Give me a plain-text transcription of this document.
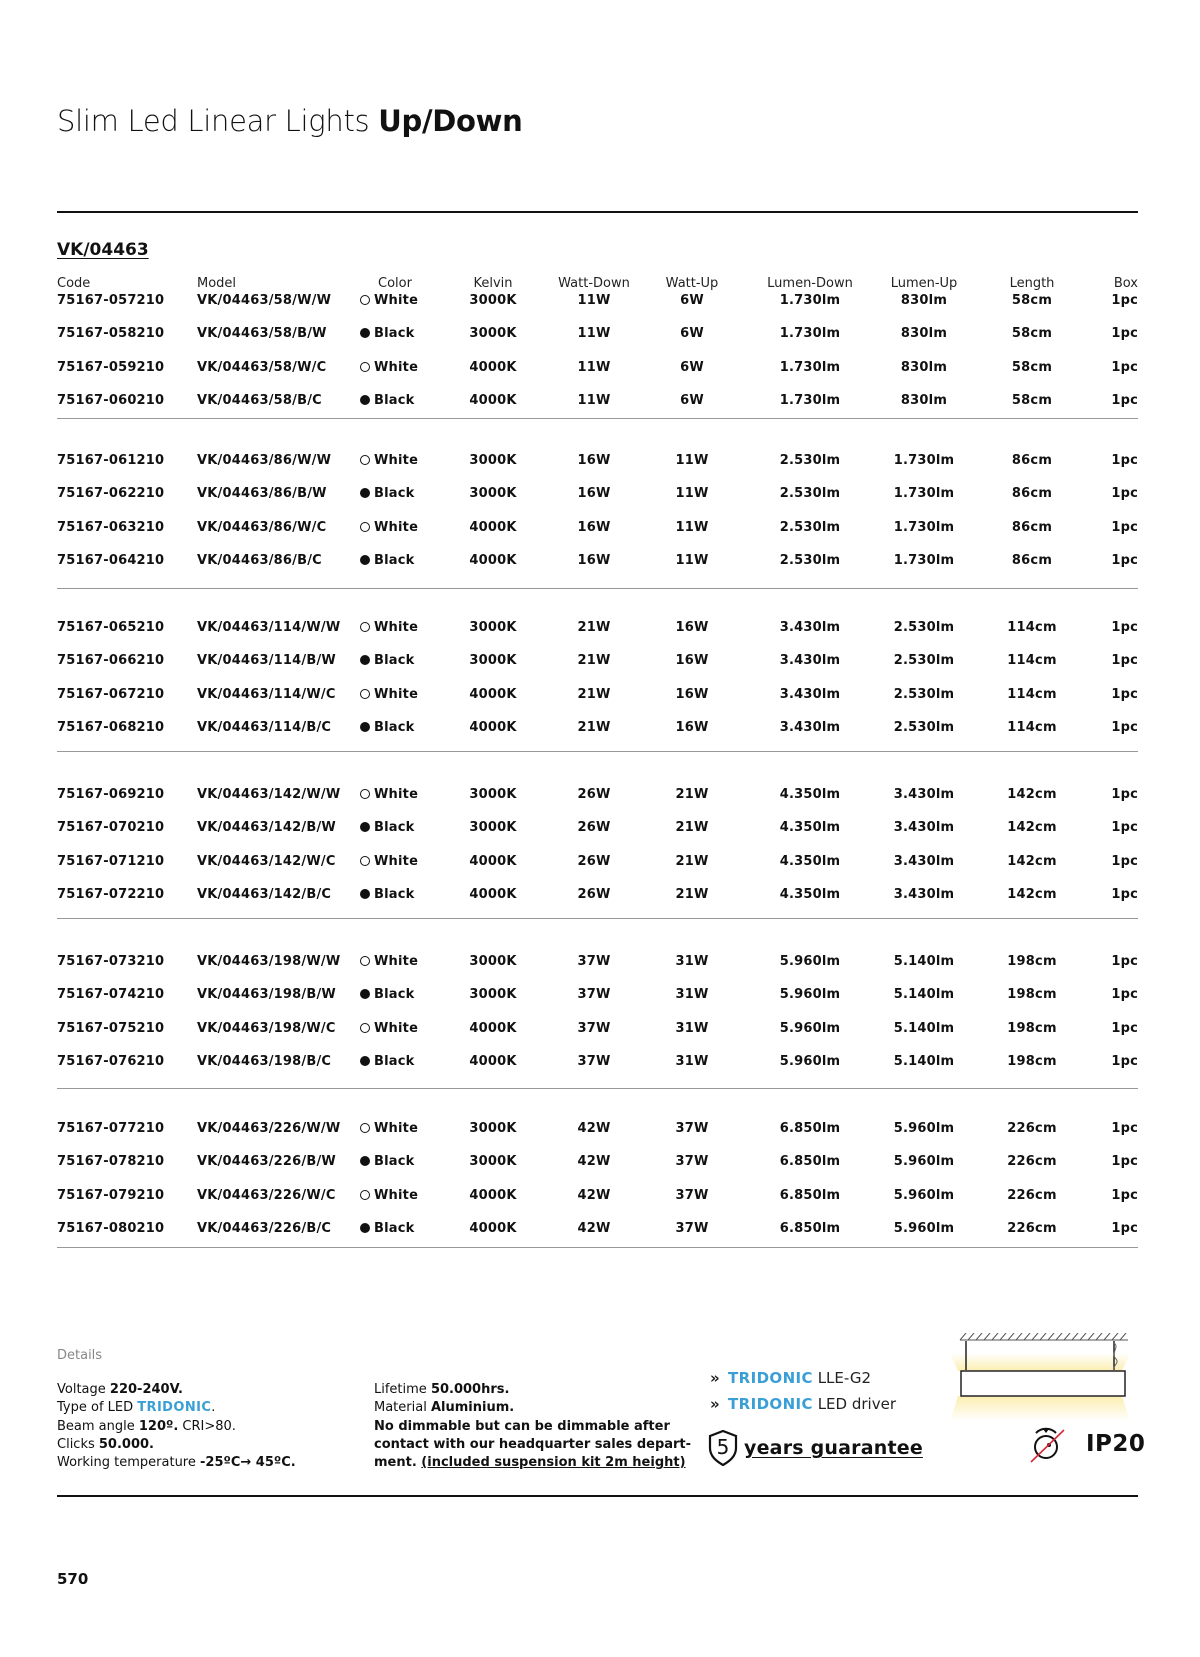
Slim Led Linear Lights Up/Down
VK/04463
Code	Model	Color	Kelvin	Watt-Down	Watt-Up	Lumen-Down	Lumen-Up	Length	Box
75167-057210	VK/04463/58/W/W	White	3000K	11W	6W	1.730lm	830lm	58cm	1pc
75167-058210	VK/04463/58/B/W	Black	3000K	11W	6W	1.730lm	830lm	58cm	1pc
75167-059210	VK/04463/58/W/C	White	4000K	11W	6W	1.730lm	830lm	58cm	1pc
75167-060210	VK/04463/58/B/C	Black	4000K	11W	6W	1.730lm	830lm	58cm	1pc
75167-061210	VK/04463/86/W/W	White	3000K	16W	11W	2.530lm	1.730lm	86cm	1pc
75167-062210	VK/04463/86/B/W	Black	3000K	16W	11W	2.530lm	1.730lm	86cm	1pc
75167-063210	VK/04463/86/W/C	White	4000K	16W	11W	2.530lm	1.730lm	86cm	1pc
75167-064210	VK/04463/86/B/C	Black	4000K	16W	11W	2.530lm	1.730lm	86cm	1pc
75167-065210	VK/04463/114/W/W	White	3000K	21W	16W	3.430lm	2.530lm	114cm	1pc
75167-066210	VK/04463/114/B/W	Black	3000K	21W	16W	3.430lm	2.530lm	114cm	1pc
75167-067210	VK/04463/114/W/C	White	4000K	21W	16W	3.430lm	2.530lm	114cm	1pc
75167-068210	VK/04463/114/B/C	Black	4000K	21W	16W	3.430lm	2.530lm	114cm	1pc
75167-069210	VK/04463/142/W/W	White	3000K	26W	21W	4.350lm	3.430lm	142cm	1pc
75167-070210	VK/04463/142/B/W	Black	3000K	26W	21W	4.350lm	3.430lm	142cm	1pc
75167-071210	VK/04463/142/W/C	White	4000K	26W	21W	4.350lm	3.430lm	142cm	1pc
75167-072210	VK/04463/142/B/C	Black	4000K	26W	21W	4.350lm	3.430lm	142cm	1pc
75167-073210	VK/04463/198/W/W	White	3000K	37W	31W	5.960lm	5.140lm	198cm	1pc
75167-074210	VK/04463/198/B/W	Black	3000K	37W	31W	5.960lm	5.140lm	198cm	1pc
75167-075210	VK/04463/198/W/C	White	4000K	37W	31W	5.960lm	5.140lm	198cm	1pc
75167-076210	VK/04463/198/B/C	Black	4000K	37W	31W	5.960lm	5.140lm	198cm	1pc
75167-077210	VK/04463/226/W/W	White	3000K	42W	37W	6.850lm	5.960lm	226cm	1pc
75167-078210	VK/04463/226/B/W	Black	3000K	42W	37W	6.850lm	5.960lm	226cm	1pc
75167-079210	VK/04463/226/W/C	White	4000K	42W	37W	6.850lm	5.960lm	226cm	1pc
75167-080210	VK/04463/226/B/C	Black	4000K	42W	37W	6.850lm	5.960lm	226cm	1pc
Details
Voltage 220-240V.
Type of LED TRIDONIC.
Beam angle 120º. CRI>80.
Clicks 50.000.
Working temperature -25ºC→ 45ºC.
Lifetime 50.000hrs.
Material Aluminium.
No dimmable but can be dimmable after
contact with our headquarter sales depart-
ment. (included suspension kit 2m height)
» TRIDONIC LLE-G2
» TRIDONIC LED driver
5 years guarantee	IP20
570
